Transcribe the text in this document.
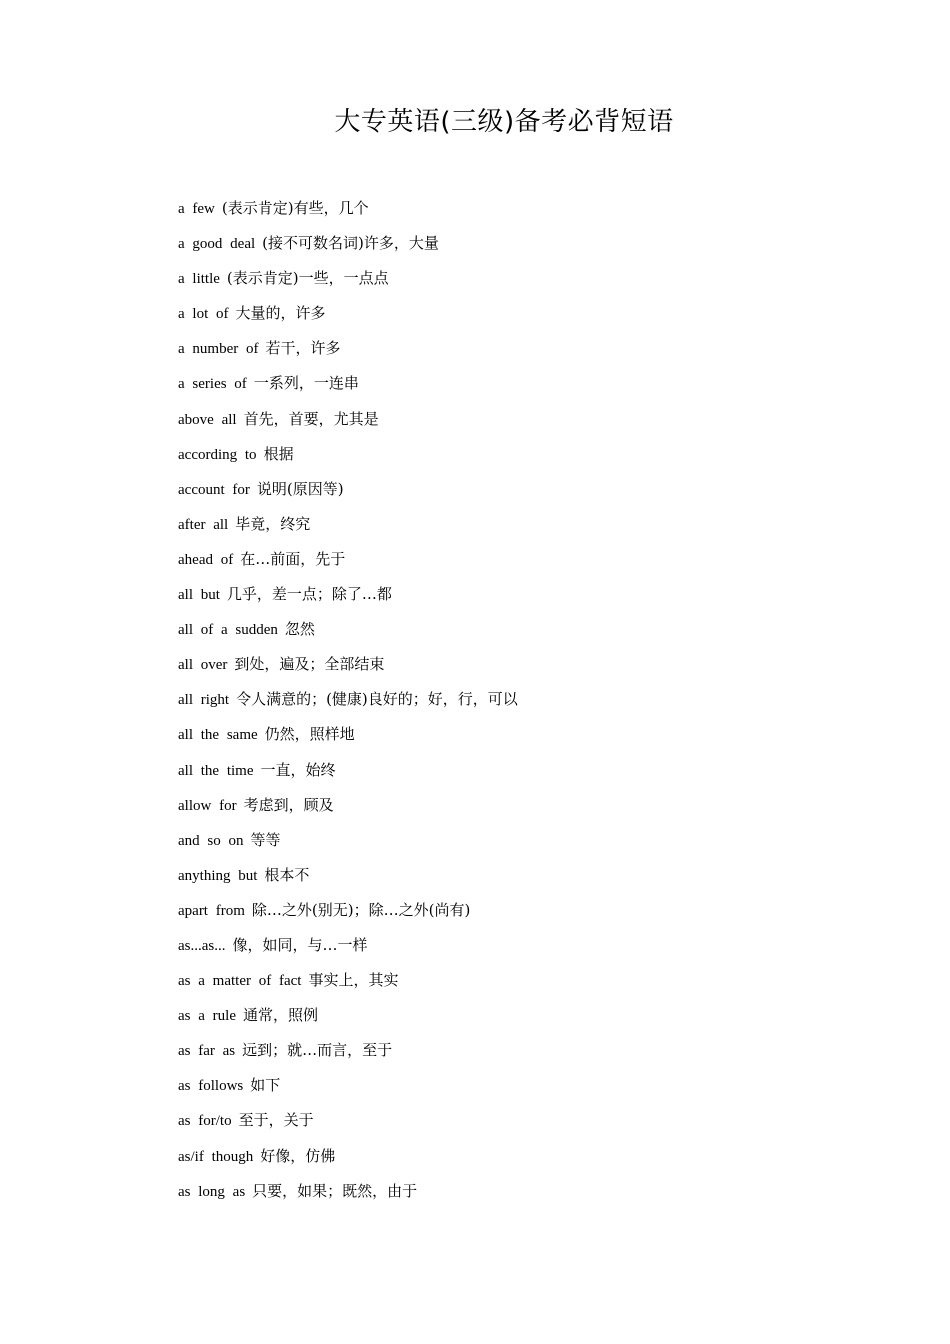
大专英语(三级)备考必背短语
a few (表示肯定)有些，几个
a good deal (接不可数名词)许多，大量
a little (表示肯定)一些，一点点
a lot of 大量的，许多
a number of 若干，许多
a series of 一系列，一连串
above all 首先，首要，尤其是
according to 根据
account for 说明(原因等)
after all 毕竟，终究
ahead of 在…前面，先于
all but 几乎，差一点；除了…都
all of a sudden 忽然
all over 到处，遍及；全部结束
all right 令人满意的；(健康)良好的；好，行，可以
all the same 仍然，照样地
all the time 一直，始终
allow for 考虑到，顾及
and so on 等等
anything but 根本不
apart from 除…之外(别无)；除…之外(尚有)
as...as... 像，如同，与…一样
as a matter of fact 事实上，其实
as a rule 通常，照例
as far as 远到；就…而言，至于
as follows 如下
as for/to 至于，关于
as/if though 好像，仿佛
as long as 只要，如果；既然，由于
